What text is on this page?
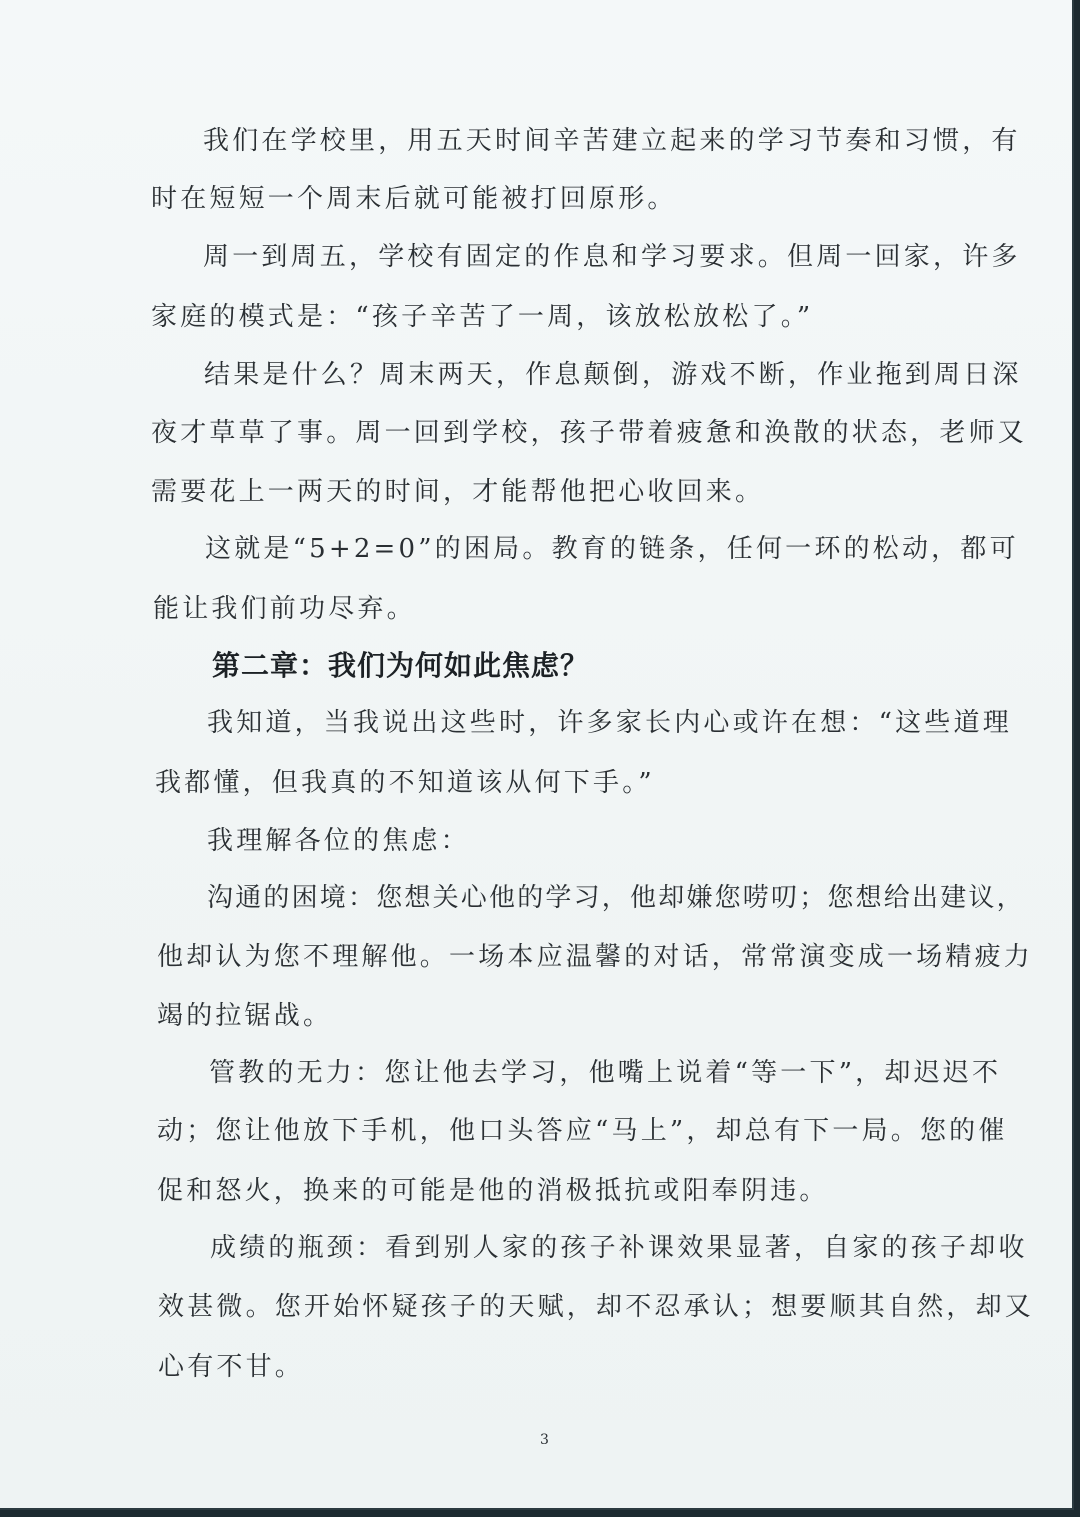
我们在学校里，用五天时间辛苦建立起来的学习节奏和习惯，有

时在短短一个周末后就可能被打回原形。

周一到周五，学校有固定的作息和学习要求。但周一回家，许多

家庭的模式是：“孩子辛苦了一周，该放松放松了。”

结果是什么？周末两天，作息颠倒，游戏不断，作业拖到周日深

夜才草草了事。周一回到学校，孩子带着疲惫和涣散的状态，老师又

需要花上一两天的时间，才能帮他把心收回来。

这就是“5+2=0”的困局。教育的链条，任何一环的松动，都可

能让我们前功尽弃。

第二章：我们为何如此焦虑？

我知道，当我说出这些时，许多家长内心或许在想：“这些道理

我都懂，但我真的不知道该从何下手。”

我理解各位的焦虑：

沟通的困境：您想关心他的学习，他却嫌您唠叨；您想给出建议，

他却认为您不理解他。一场本应温馨的对话，常常演变成一场精疲力

竭的拉锯战。

管教的无力：您让他去学习，他嘴上说着“等一下”，却迟迟不

动；您让他放下手机，他口头答应“马上”，却总有下一局。您的催

促和怒火，换来的可能是他的消极抵抗或阳奉阴违。

成绩的瓶颈：看到别人家的孩子补课效果显著，自家的孩子却收

效甚微。您开始怀疑孩子的天赋，却不忍承认；想要顺其自然，却又

心有不甘。

3
